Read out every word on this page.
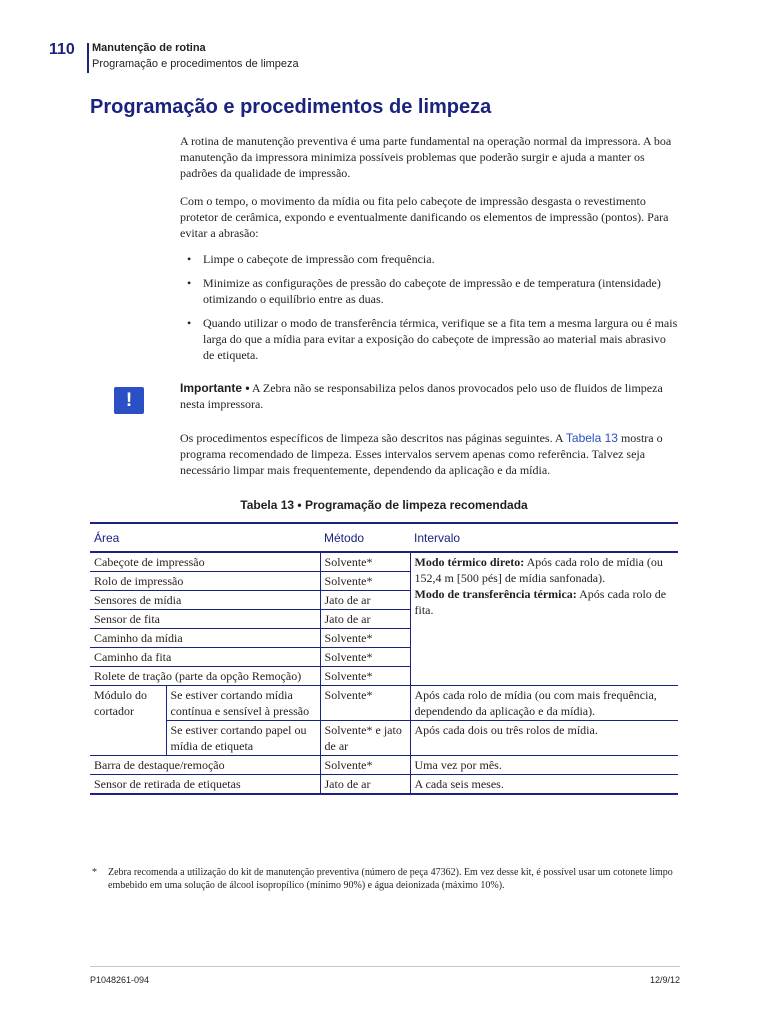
110 Manutenção de rotina
Programação e procedimentos de limpeza
Programação e procedimentos de limpeza

A rotina de manutenção preventiva é uma parte fundamental na operação normal da impressora. A boa manutenção da impressora minimiza possíveis problemas que poderão surgir e ajuda a manter os padrões da qualidade de impressão.

Com o tempo, o movimento da mídia ou fita pelo cabeçote de impressão desgasta o revestimento protetor de cerâmica, expondo e eventualmente danificando os elementos de impressão (pontos). Para evitar a abrasão:

• Limpe o cabeçote de impressão com frequência.
• Minimize as configurações de pressão do cabeçote de impressão e de temperatura (intensidade) otimizando o equilíbrio entre as duas.
• Quando utilizar o modo de transferência térmica, verifique se a fita tem a mesma largura ou é mais larga do que a mídia para evitar a exposição do cabeçote de impressão ao material mais abrasivo de etiqueta.
!

Importante • A Zebra não se responsabiliza pelos danos provocados pelo uso de fluidos de limpeza nesta impressora.

Os procedimentos específicos de limpeza são descritos nas páginas seguintes. A Tabela 13 mostra o programa recomendado de limpeza. Esses intervalos servem apenas como referência. Talvez seja necessário limpar mais frequentemente, dependendo da aplicação e da mídia.

Tabela 13 • Programação de limpeza recomendada
Área		Método	Intervalo
Cabeçote de impressão		Solvente*	Modo térmico direto: Após cada rolo de mídia (ou 152,4 m [500 pés] de mídia sanfonada).
Modo de transferência térmica: Após cada rolo de fita.
Rolo de impressão		Solvente*	
Sensores de mídia		Jato de ar	
Sensor de fita		Jato de ar	
Caminho da mídia		Solvente*	
Caminho da fita		Solvente*	
Rolete de tração (parte da opção Remoção)		Solvente*	
Módulo do cortador	Se estiver cortando mídia contínua e sensível à pressão	Solvente*	Após cada rolo de mídia (ou com mais frequência, dependendo da aplicação e da mídia).
	Se estiver cortando papel ou mídia de etiqueta	Solvente* e jato de ar	Após cada dois ou três rolos de mídia.
Barra de destaque/remoção		Solvente*	Uma vez por mês.
Sensor de retirada de etiquetas		Jato de ar	A cada seis meses.
* Zebra recomenda a utilização do kit de manutenção preventiva (número de peça 47362). Em vez desse kit, é possível usar um cotonete limpo embebido em uma solução de álcool isopropílico (mínimo 90%) e água deionizada (máximo 10%).
P1048261-094	12/9/12
